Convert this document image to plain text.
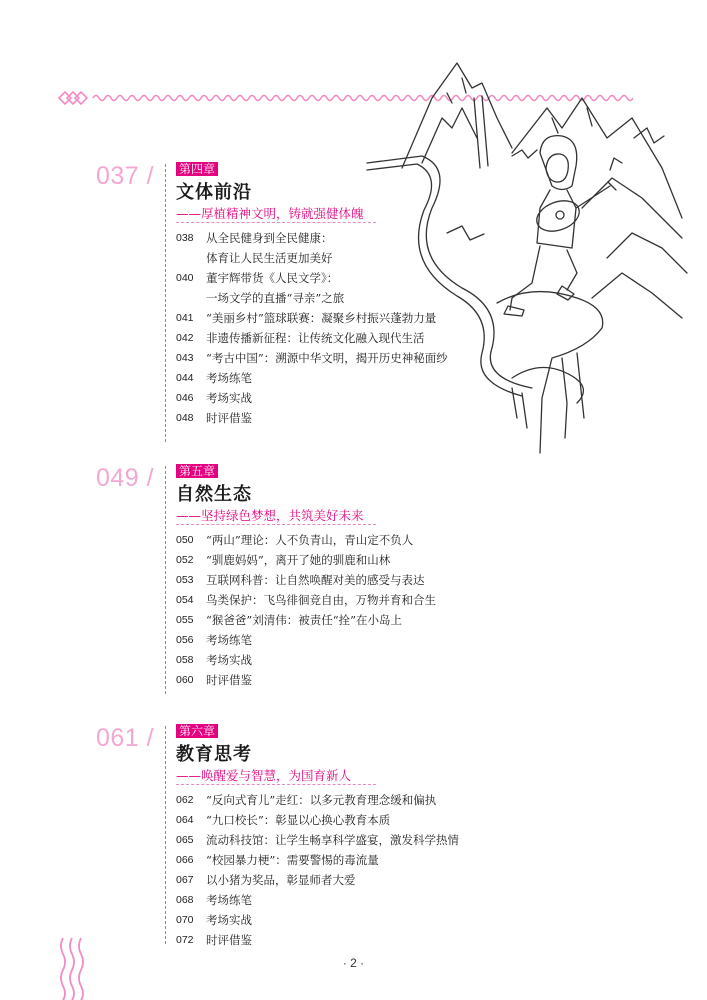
037 / 第四章
文体前沿
——厚植精神文明，铸就强健体魄
038	从全民健身到全民健康：
体育让人民生活更加美好
040	董宇辉带货《人民文学》：
一场文学的直播“寻亲”之旅
041	“美丽乡村”篮球联赛：凝聚乡村振兴蓬勃力量
042	非遗传播新征程：让传统文化融入现代生活
043	“考古中国”：溯源中华文明，揭开历史神秘面纱
044	考场练笔
046	考场实战
048	时评借鉴
049 / 第五章
自然生态
——坚持绿色梦想，共筑美好未来
050	“两山”理论：人不负青山，青山定不负人
052	“驯鹿妈妈”，离开了她的驯鹿和山林
053	互联网科普：让自然唤醒对美的感受与表达
054	鸟类保护：飞鸟徘徊竞自由，万物并育和合生
055	“猴爸爸”刘清伟：被责任“拴”在小岛上
056	考场练笔
058	考场实战
060	时评借鉴
061 / 第六章
教育思考
——唤醒爱与智慧，为国育新人
062	“反向式育儿”走红：以多元教育理念缓和偏执
064	“九口校长”：彰显以心换心教育本质
065	流动科技馆：让学生畅享科学盛宴，激发科学热情
066	“校园暴力梗”：需要警惕的毒流量
067	以小猪为奖品，彰显师者大爱
068	考场练笔
070	考场实战
072	时评借鉴
· 2 ·
